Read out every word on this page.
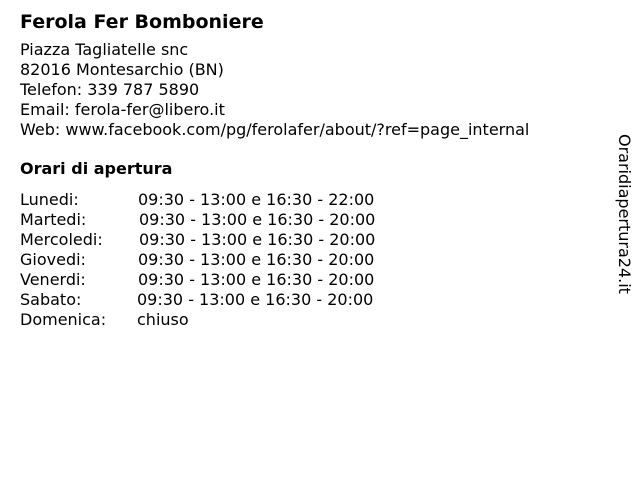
Ferola Fer Bomboniere
Piazza Tagliatelle snc
82016 Montesarchio (BN)
Telefon: 339 787 5890
Email: ferola-fer@libero.it
Web: www.facebook.com/pg/ferolafer/about/?ref=page_internal
Orari di apertura
Lunedi:	09:30 - 13:00 e 16:30 - 22:00
Martedi:	09:30 - 13:00 e 16:30 - 20:00
Mercoledi: 09:30 - 13:00 e 16:30 - 20:00
Giovedi:	09:30 - 13:00 e 16:30 - 20:00
Venerdi:	09:30 - 13:00 e 16:30 - 20:00
Sabato:	09:30 - 13:00 e 16:30 - 20:00
Domenica: chiuso
Oraridiapertura24.it
